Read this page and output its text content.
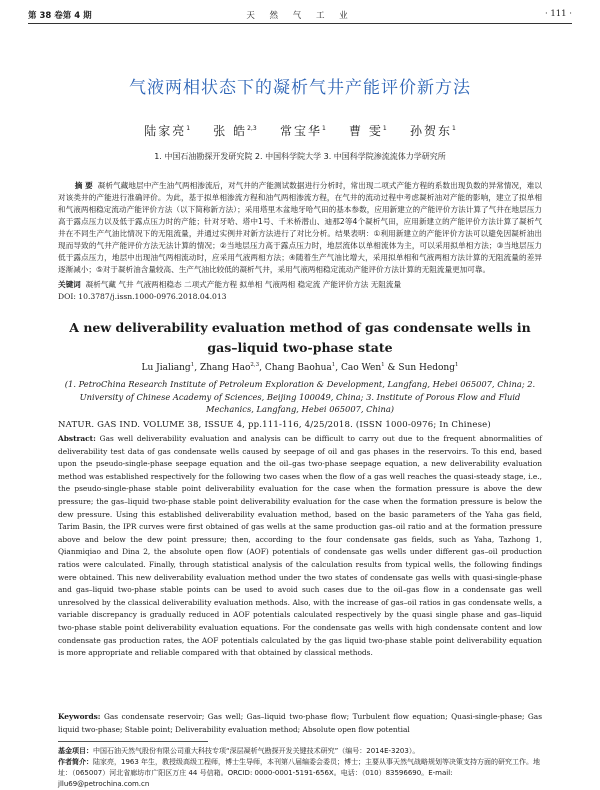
第 38 卷第 4 期	天 然 气 工 业	· 111 ·
气液两相状态下的凝析气井产能评价新方法
陆家亮$^1$ 张 皓$^{2,3}$ 常宝华$^1$ 曹 雯$^1$ 孙贺东$^1$
1. 中国石油勘探开发研究院 2. 中国科学院大学 3. 中国科学院渗流流体力学研究所
摘 要 凝析气藏地层中产生油气两相渗流后，对气井的产能测试数据进行分析时，常出现二项式产能方程的系数出现负数的异常情况，难以对该类井的产能进行准确评价。为此，基于拟单相渗流方程和油气两相渗流方程，在气井的流动过程中考虑凝析油对产能的影响，建立了拟单相和气液两相稳定流动产能评价方法（以下简称新方法）；采用塔里木盆地牙哈气田的基本参数，应用新建立的产能评价方法计算了气井在地层压力高于露点压力以及低于露点压力时的产能；针对牙哈、塔中1号、千米桥潜山、迪那2等4个凝析气田，应用新建立的产能评价方法计算了凝析气井在不同生产气油比情况下的无阻流量，并通过实例井对新方法进行了对比分析。结果表明：①利用新建立的产能评价方法可以避免因凝析油出现而导致的气井产能评价方法无法计算的情况；②当地层压力高于露点压力时，地层流体以单相流体为主，可以采用拟单相方法；③当地层压力低于露点压力，地层中出现油气两相流动时，应采用气液两相方法；④随着生产气油比增大，采用拟单相和气液两相方法计算的无阻流量的差异逐渐减小；⑤对于凝析油含量较高、生产气油比较低的凝析气井，采用气液两相稳定流动产能评价方法计算的无阻流量更加可靠。
关键词 凝析气藏 气井 气液两相稳态 二项式产能方程 拟单相 气液两相 稳定流 产能评价方法 无阻流量
DOI: 10.3787/j.issn.1000-0976.2018.04.013
A new deliverability evaluation method of gas condensate wells in gas–liquid two-phase state
Lu Jialiang$^1$, Zhang Hao$^{2,3}$, Chang Baohua$^1$, Cao Wen$^1$ & Sun Hedong$^1$
(1. PetroChina Research Institute of Petroleum Exploration & Development, Langfang, Hebei 065007, China; 2. University of Chinese Academy of Sciences, Beijing 100049, China; 3. Institute of Porous Flow and Fluid Mechanics, Langfang, Hebei 065007, China)
NATUR. GAS IND. VOLUME 38, ISSUE 4, pp.111-116, 4/25/2018. (ISSN 1000-0976; In Chinese)
Abstract: Gas well deliverability evaluation and analysis can be difficult to carry out due to the frequent abnormalities of deliverability test data of gas condensate wells caused by seepage of oil and gas phases in the reservoirs. To this end, based upon the pseudo-single-phase seepage equation and the oil–gas two-phase seepage equation, a new deliverability evaluation method was established respectively for the following two cases when the flow of a gas well reaches the quasi-steady stage, i.e., the pseudo-single-phase stable point deliverability evaluation for the case when the formation pressure is above the dew pressure; the gas–liquid two-phase stable point deliverability evaluation for the case when the formation pressure is below the dew pressure. Using this established deliverability evaluation method, based on the basic parameters of the Yaha gas field, Tarim Basin, the IPR curves were first obtained of gas wells at the same production gas–oil ratio and at the formation pressure above and below the dew point pressure; then, according to the four condensate gas fields, such as Yaha, Tazhong 1, Qianmiqiao and Dina 2, the absolute open flow (AOF) potentials of condensate gas wells under different gas–oil production ratios were calculated. Finally, through statistical analysis of the calculation results from typical wells, the following findings were obtained. This new deliverability evaluation method under the two states of condensate gas wells with quasi-single-phase and gas–liquid two-phase stable points can be used to avoid such cases due to the oil–gas flow in a condensate gas well unresolved by the classical deliverability evaluation methods. Also, with the increase of gas–oil ratios in gas condensate wells, a variable discrepancy is gradually reduced in AOF potentials calculated respectively by the quasi single phase and gas–liquid two-phase stable point deliverability evaluation equations. For the condensate gas wells with high condensate content and low condensate gas production rates, the AOF potentials calculated by the gas liquid two-phase stable point deliverability equation is more appropriate and reliable compared with that obtained by classical methods.
Keywords: Gas condensate reservoir; Gas well; Gas–liquid two-phase flow; Turbulent flow equation; Quasi-single-phase; Gas liquid two-phase; Stable point; Deliverability evaluation method; Absolute open flow potential
基金项目：中国石油天然气股份有限公司重大科技专项“深层凝析气勘探开发关键技术研究”（编号：2014E-3203）。
作者简介：陆家亮，1963 年生，教授级高级工程师，博士生导师，本刊第八届编委会委员；博士；主要从事天然气战略规划等决策支持方面的研究工作。地址：（065007）河北省廊坊市广阳区万庄 44 号信箱。ORCID: 0000-0001-5191-656X。电话：（010）83596690。E-mail: jllu69@petrochina.com.cn
